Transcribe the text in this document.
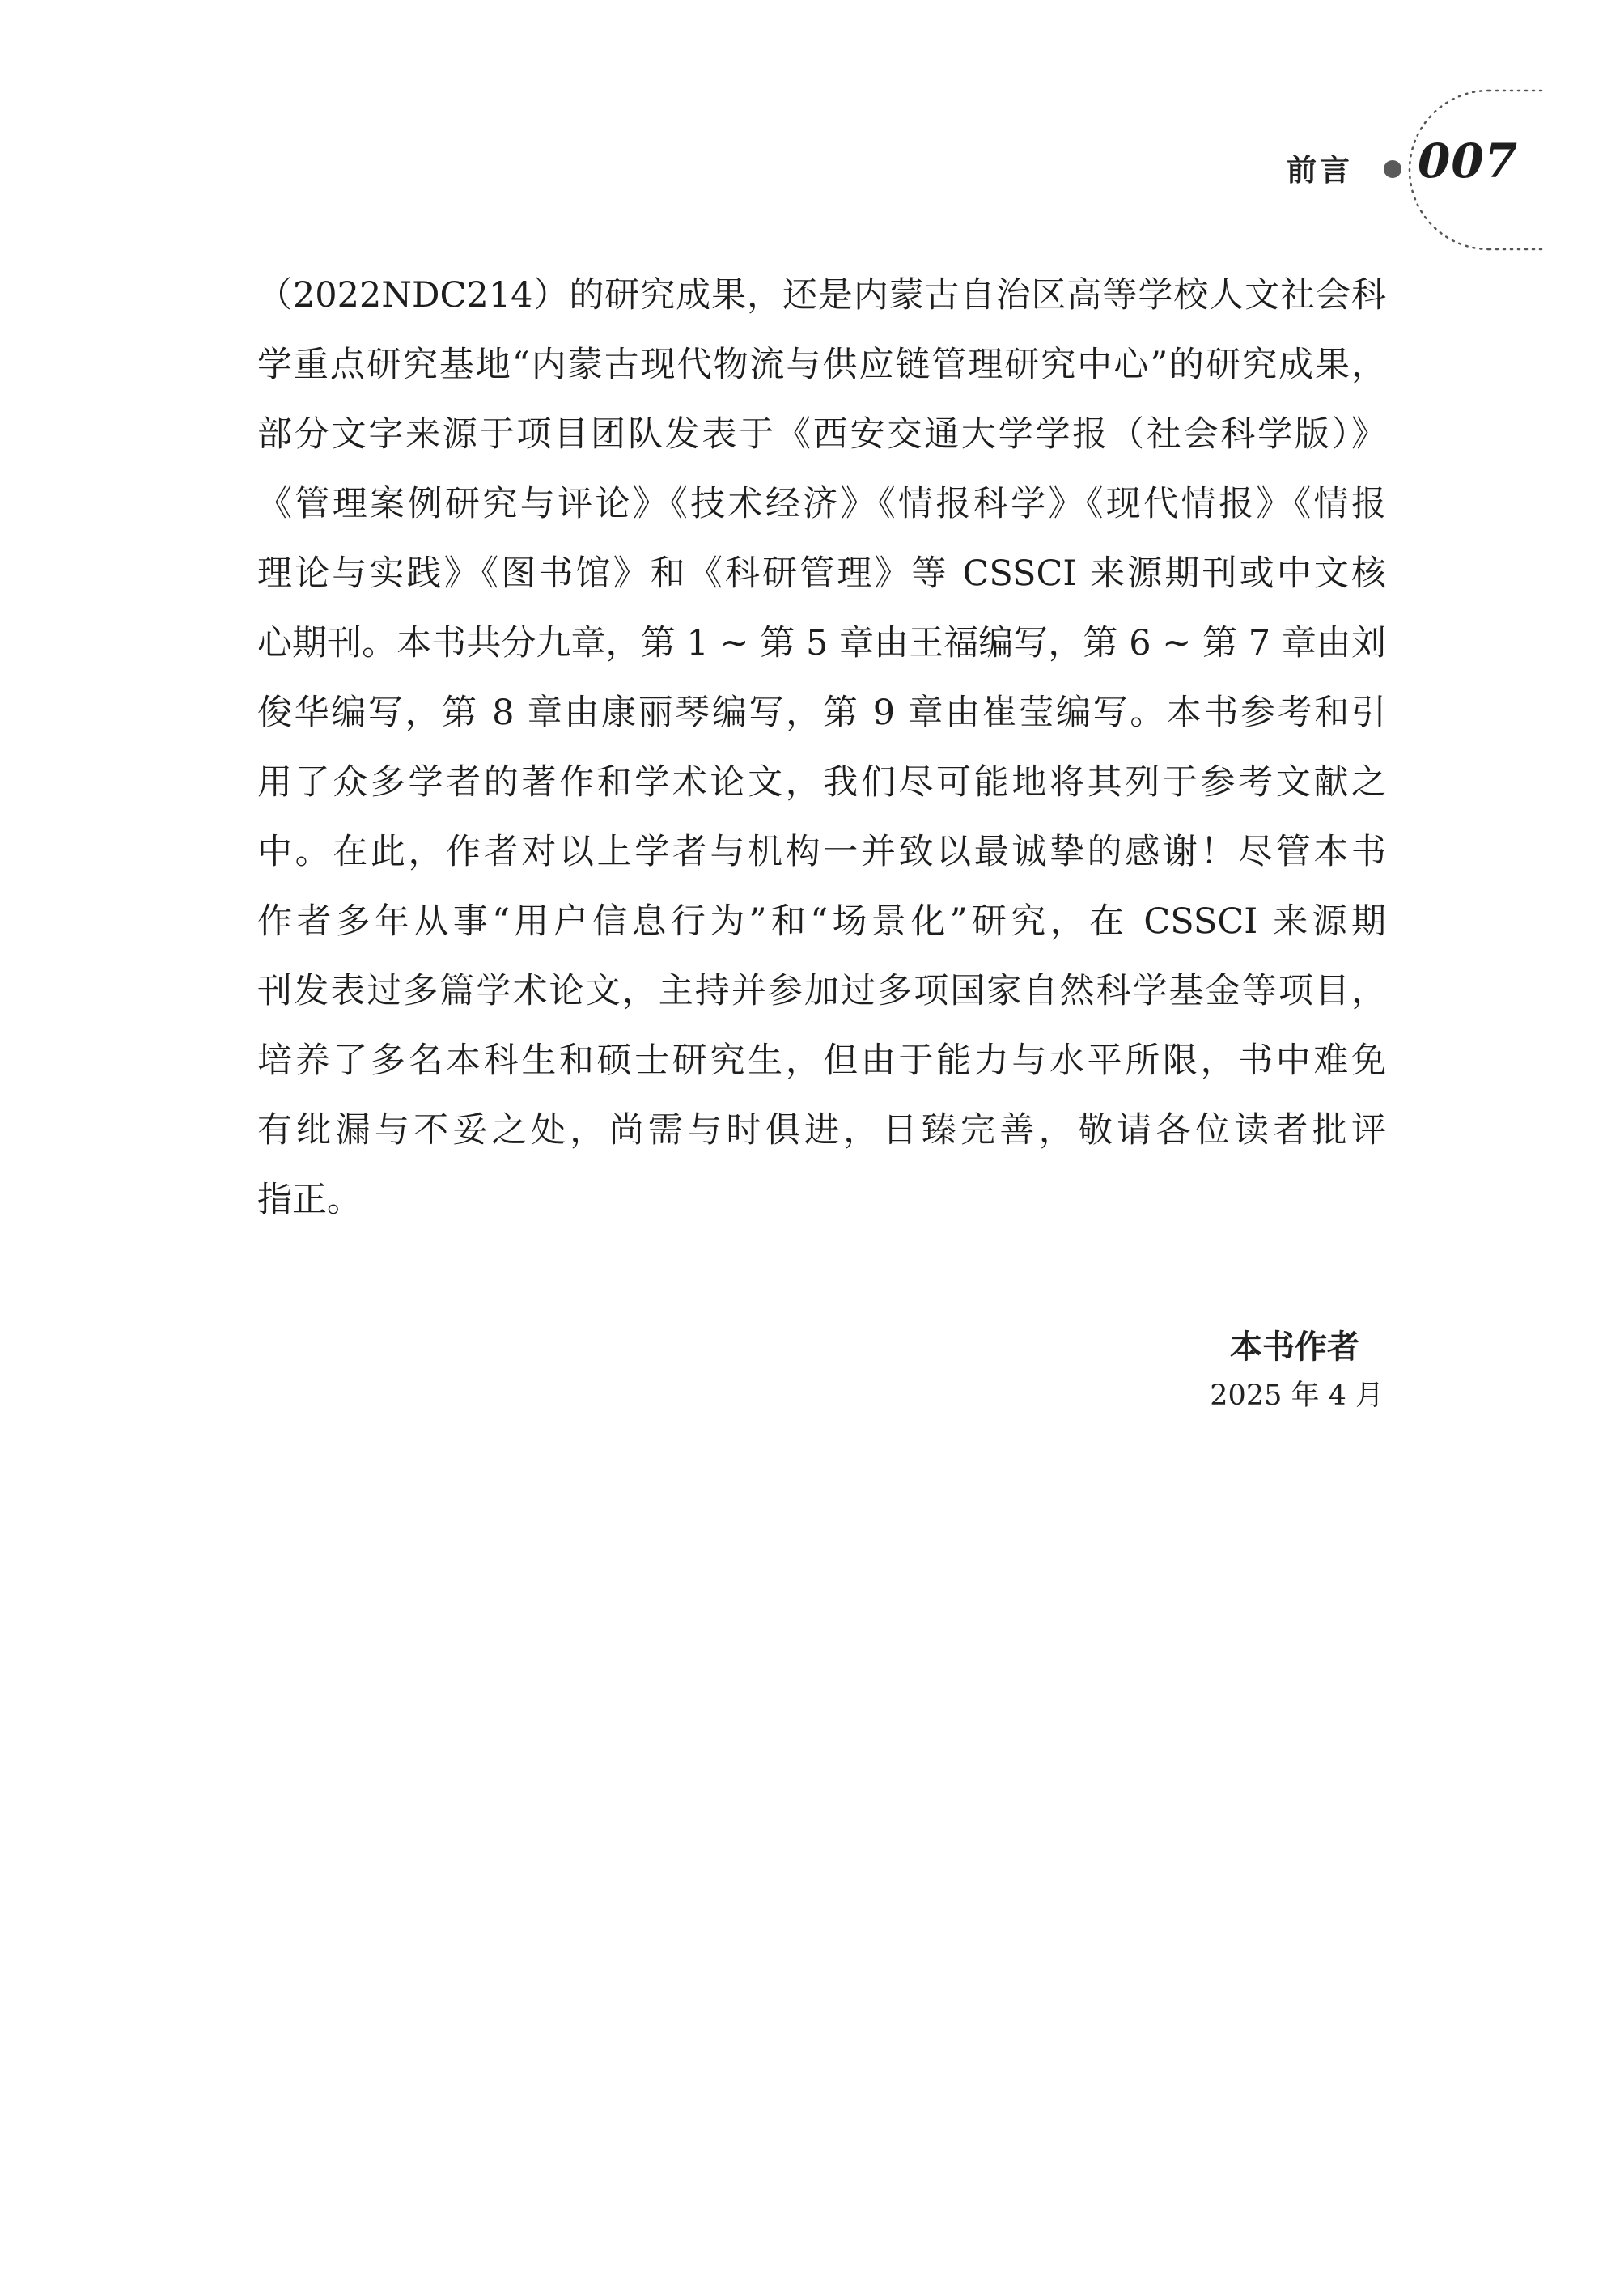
前言 007
（2022NDC214）的研究成果，还是内蒙古自治区高等学校人文社会科
学重点研究基地“内蒙古现代物流与供应链管理研究中心”的研究成果，
部分文字来源于项目团队发表于《西安交通大学学报（社会科学版）》
《管理案例研究与评论》《技术经济》《情报科学》《现代情报》《情报
理论与实践》《图书馆》和《科研管理》等 CSSCI 来源期刊或中文核
心期刊。本书共分九章，第 1 ~ 第 5 章由王福编写，第 6 ~ 第 7 章由刘
俊华编写，第 8 章由康丽琴编写，第 9 章由崔莹编写。本书参考和引
用了众多学者的著作和学术论文，我们尽可能地将其列于参考文献之
中。在此，作者对以上学者与机构一并致以最诚挚的感谢！尽管本书
作者多年从事“用户信息行为”和“场景化”研究，在 CSSCI 来源期
刊发表过多篇学术论文，主持并参加过多项国家自然科学基金等项目，
培养了多名本科生和硕士研究生，但由于能力与水平所限，书中难免
有纰漏与不妥之处，尚需与时俱进，日臻完善，敬请各位读者批评
指正。
本书作者
2025 年 4 月
